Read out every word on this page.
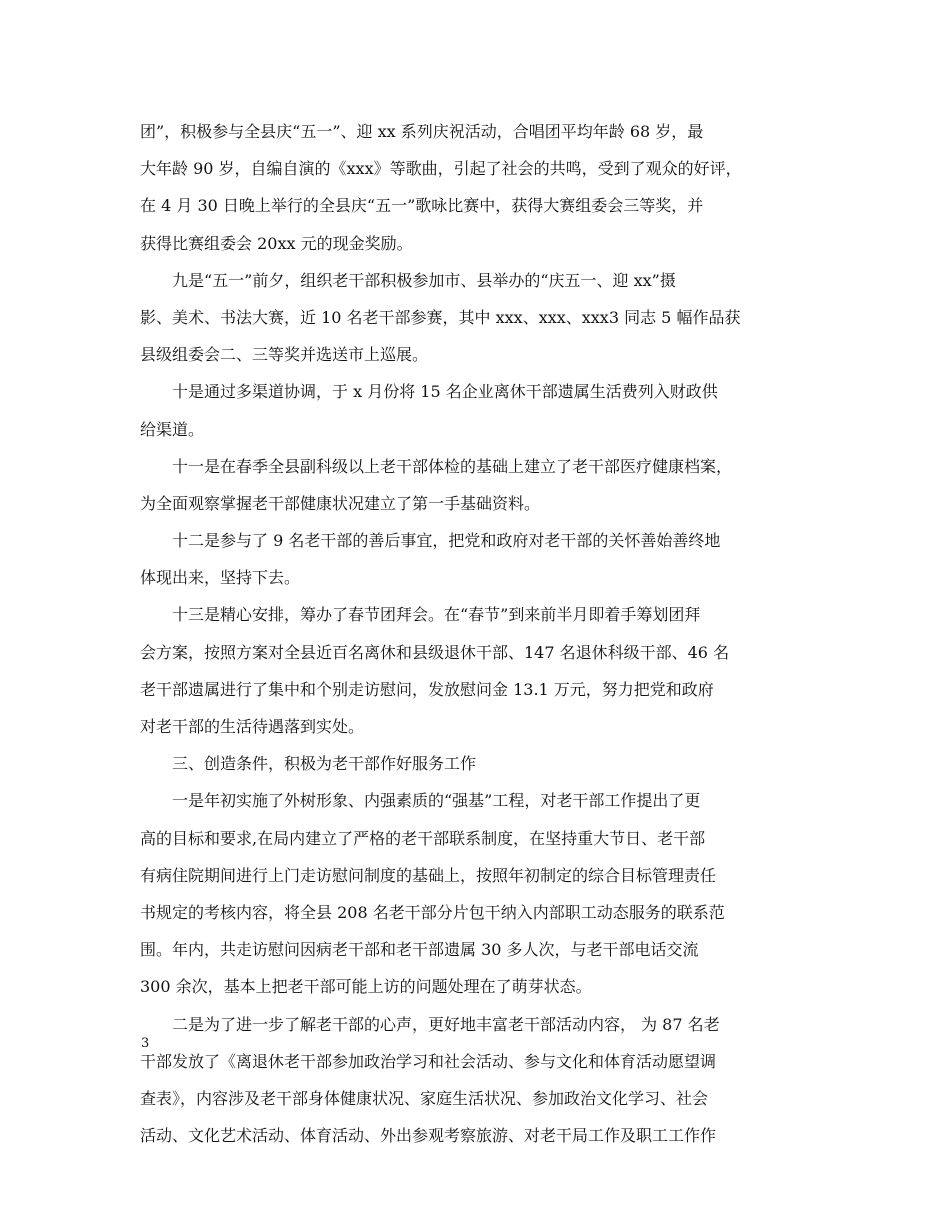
团”，积极参与全县庆“五一”、迎 xx 系列庆祝活动，合唱团平均年龄 68 岁，最
大年龄 90 岁，自编自演的《xxx》等歌曲，引起了社会的共鸣，受到了观众的好评，
在 4 月 30 日晚上举行的全县庆“五一”歌咏比赛中，获得大赛组委会三等奖，并
获得比赛组委会 20xx 元的现金奖励。
九是“五一”前夕，组织老干部积极参加市、县举办的“庆五一、迎 xx”摄
影、美术、书法大赛，近 10 名老干部参赛，其中 xxx、xxx、xxx3 同志 5 幅作品获
县级组委会二、三等奖并选送市上巡展。
十是通过多渠道协调，于 x 月份将 15 名企业离休干部遗属生活费列入财政供
给渠道。
十一是在春季全县副科级以上老干部体检的基础上建立了老干部医疗健康档案，
为全面观察掌握老干部健康状况建立了第一手基础资料。
十二是参与了 9 名老干部的善后事宜，把党和政府对老干部的关怀善始善终地
体现出来，坚持下去。
十三是精心安排，筹办了春节团拜会。在“春节”到来前半月即着手筹划团拜
会方案，按照方案对全县近百名离休和县级退休干部、147 名退休科级干部、46 名
老干部遗属进行了集中和个别走访慰问，发放慰问金 13.1 万元，努力把党和政府
对老干部的生活待遇落到实处。
三、创造条件，积极为老干部作好服务工作
一是年初实施了外树形象、内强素质的“强基”工程，对老干部工作提出了更
高的目标和要求,在局内建立了严格的老干部联系制度，在坚持重大节日、老干部
有病住院期间进行上门走访慰问制度的基础上，按照年初制定的综合目标管理责任
书规定的考核内容，将全县 208 名老干部分片包干纳入内部职工动态服务的联系范
围。年内，共走访慰问因病老干部和老干部遗属 30 多人次，与老干部电话交流
300 余次，基本上把老干部可能上访的问题处理在了萌芽状态。
二是为了进一步了解老干部的心声，更好地丰富老干部活动内容， 为 87 名老
干部发放了《离退休老干部参加政治学习和社会活动、参与文化和体育活动愿望调
查表》，内容涉及老干部身体健康状况、家庭生活状况、参加政治文化学习、社会
活动、文化艺术活动、体育活动、外出参观考察旅游、对老干局工作及职工工作作
3
